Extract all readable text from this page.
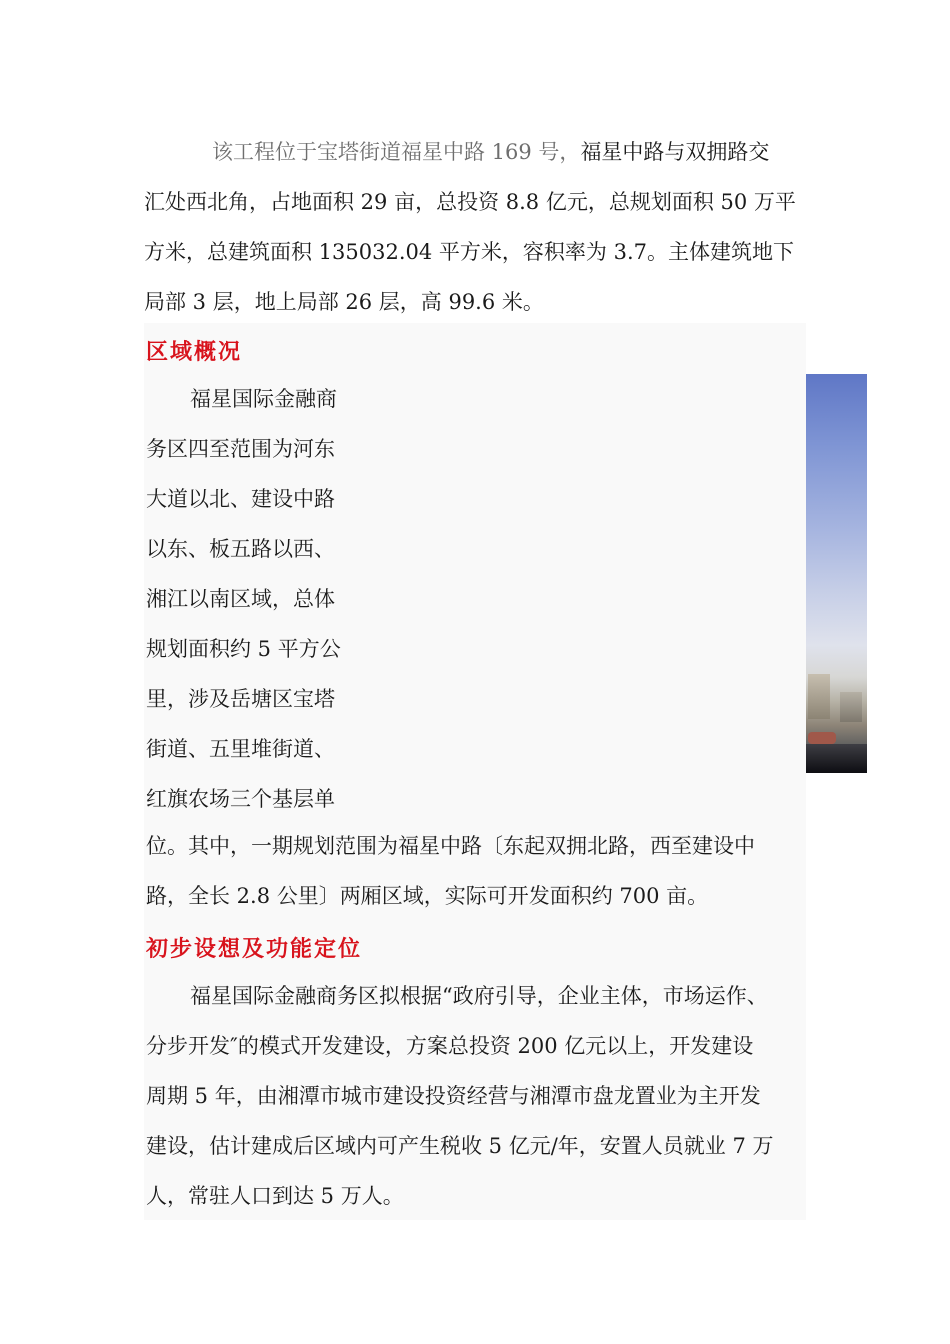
该工程位于宝塔街道福星中路 169 号，福星中路与双拥路交
汇处西北角，占地面积 29 亩，总投资 8.8 亿元，总规划面积 50 万平
方米，总建筑面积 135032.04 平方米，容积率为 3.7。主体建筑地下
局部 3 层，地上局部 26 层，高 99.6 米。
区域概况
福星国际金融商
务区四至范围为河东
大道以北、建设中路
以东、板五路以西、
湘江以南区域，总体
规划面积约 5 平方公
里，涉及岳塘区宝塔
街道、五里堆街道、
红旗农场三个基层单
位。其中，一期规划范围为福星中路〔东起双拥北路，西至建设中
路，全长 2.8 公里〕两厢区域，实际可开发面积约 700 亩。
初步设想及功能定位
福星国际金融商务区拟根据“政府引导，企业主体，市场运作、
分步开发″的模式开发建设，方案总投资 200 亿元以上，开发建设
周期 5 年，由湘潭市城市建设投资经营与湘潭市盘龙置业为主开发
建设，估计建成后区域内可产生税收 5 亿元/年，安置人员就业 7 万
人，常驻人口到达 5 万人。
